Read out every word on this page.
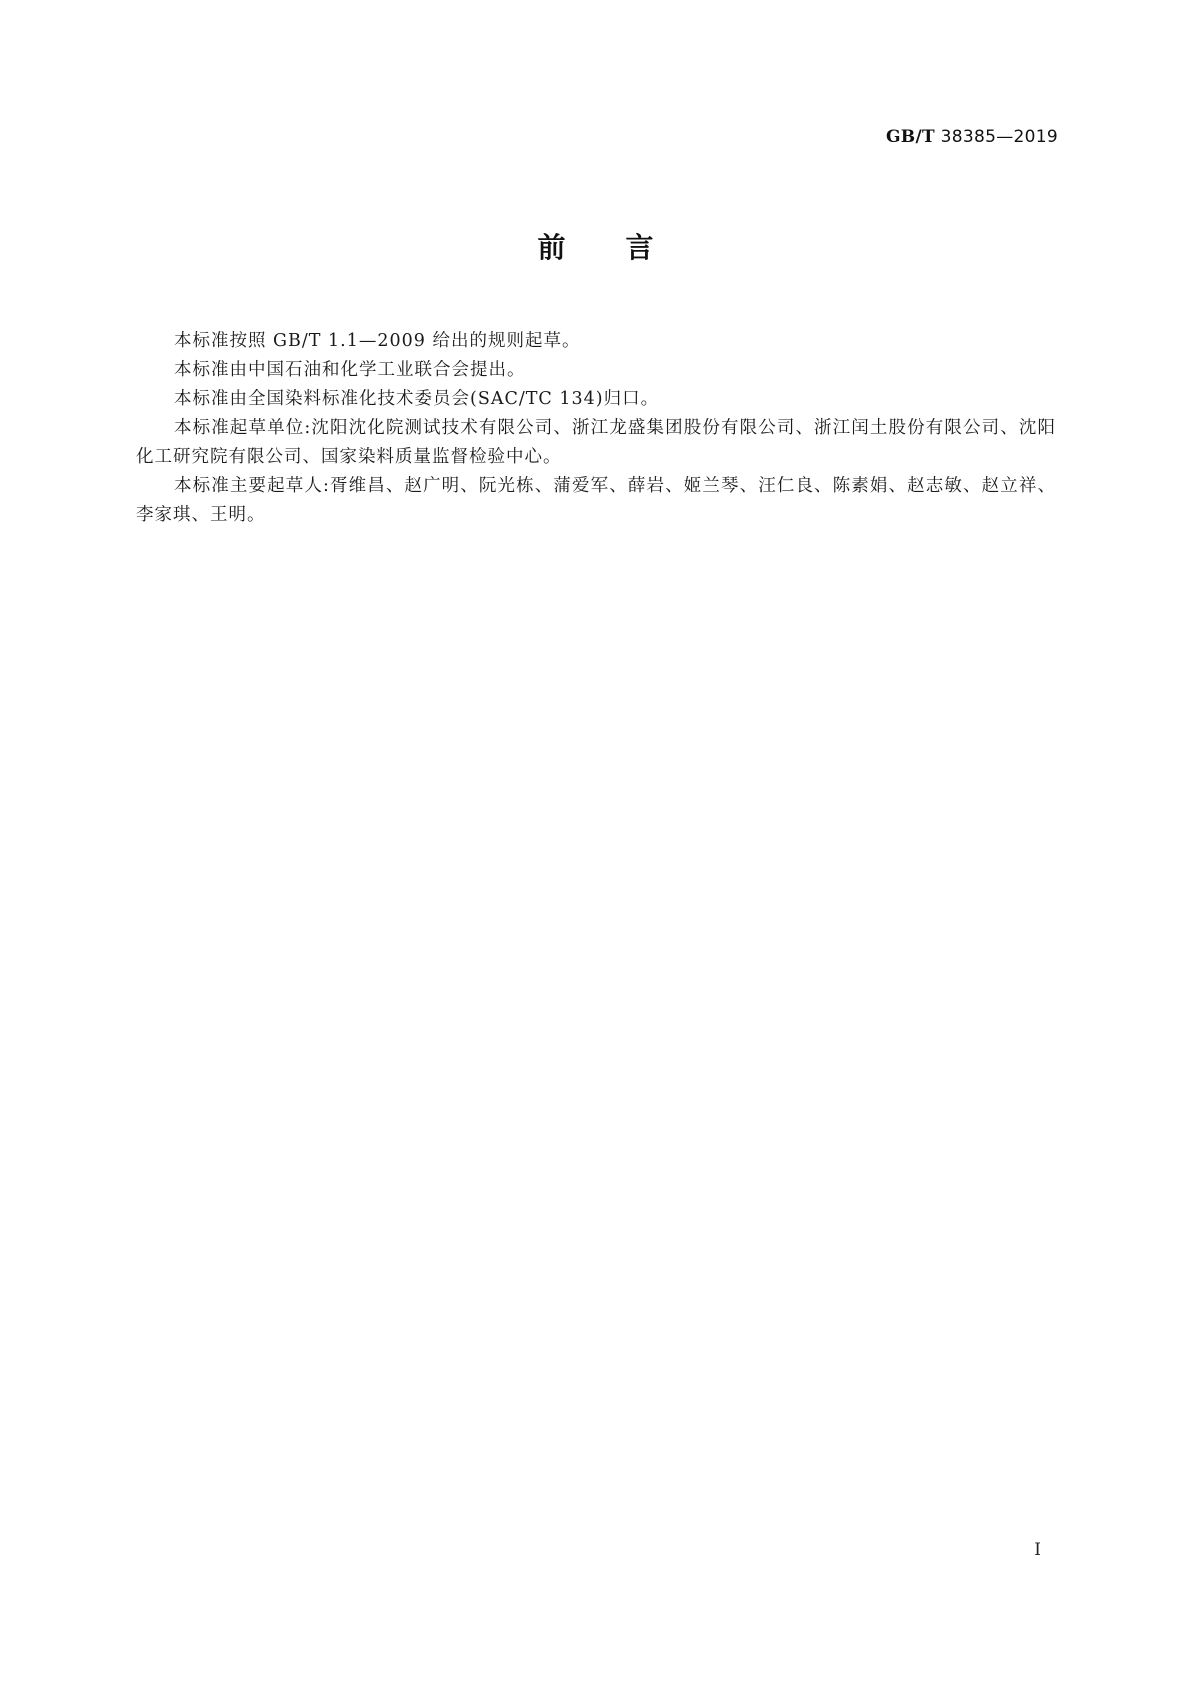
GB/T 38385—2019
前言

本标准按照 GB/T 1.1—2009 给出的规则起草。

本标准由中国石油和化学工业联合会提出。

本标准由全国染料标准化技术委员会(SAC/TC 134)归口。

本标准起草单位:沈阳沈化院测试技术有限公司、浙江龙盛集团股份有限公司、浙江闰土股份有限公司、沈阳化工研究院有限公司、国家染料质量监督检验中心。

本标准主要起草人:胥维昌、赵广明、阮光栋、蒲爱军、薛岩、姬兰琴、汪仁良、陈素娟、赵志敏、赵立祥、李家琪、王明。

I
